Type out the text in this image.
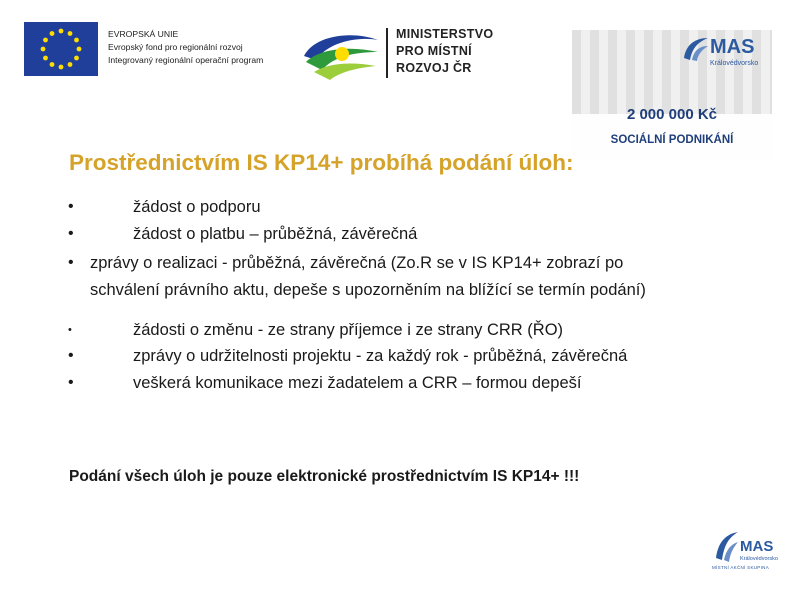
EVROPSKÁ UNIE
Evropský fond pro regionální rozvoj
Integrovaný regionální operační program
MINISTERSTVO
PRO MÍSTNÍ
ROZVOJ ČR
MAS
Královédvorsko
2 000 000 Kč
SOCIÁLNÍ PODNIKÁNÍ
Prostřednictvím IS KP14+ probíhá podání úloh:
•	žádost o podporu
•	žádost o platbu – průběžná, závěrečná
• zprávy o realizaci - průběžná, závěrečná (Zo.R se v IS KP14+ zobrazí po
schválení právního aktu, depeše s upozorněním na blížící se termín podání)
•	žádosti o změnu - ze strany příjemce i ze strany CRR (ŘO)
•	zprávy o udržitelnosti projektu - za každý rok - průběžná, závěrečná
•	veškerá komunikace mezi žadatelem a CRR – formou depeší
Podání všech úloh je pouze elektronické prostřednictvím IS KP14+ !!!
MAS
Královédvorsko
MÍSTNÍ AKČNÍ SKUPINA
